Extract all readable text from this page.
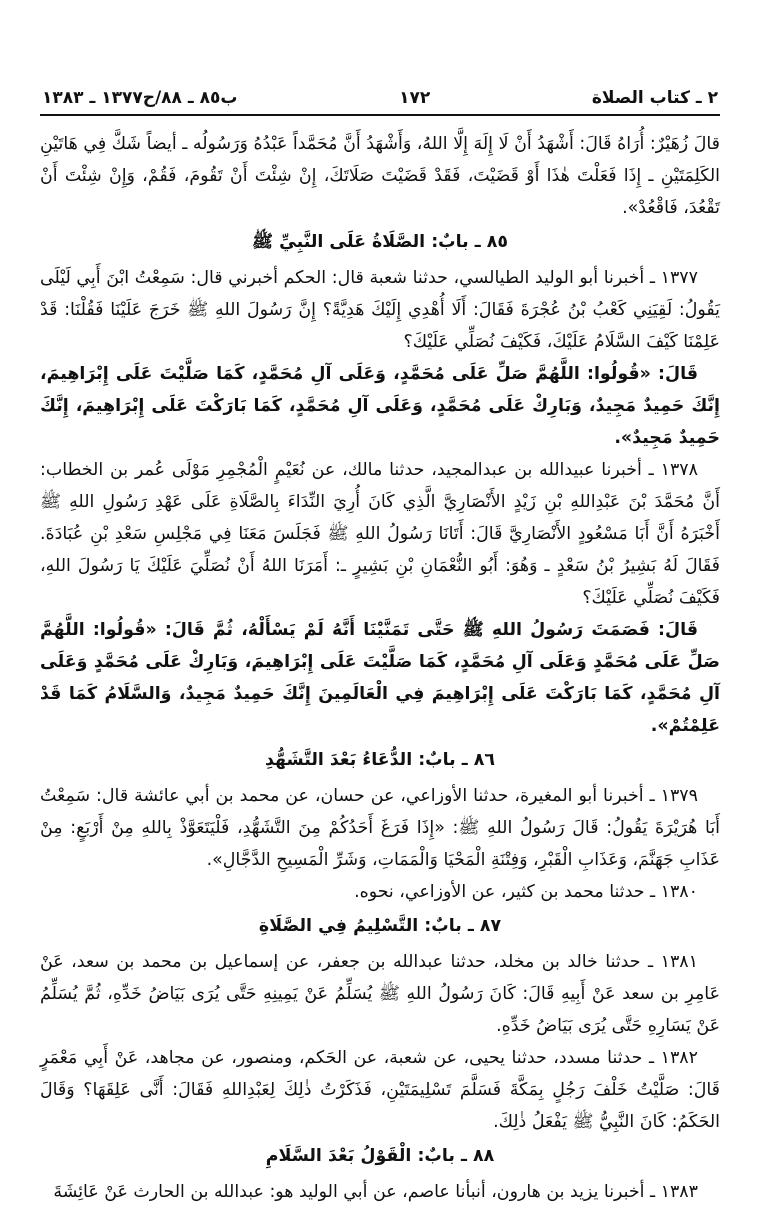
٢ ـ كتاب الصلاة
١٧٢
ب٨٥ ـ ٨٨/ح١٣٧٧ ـ ١٣٨٣

قالَ زُهَيْرٌ: أُرَاهُ قَالَ: أَشْهَدُ أَنْ لَا إِلَهَ إِلَّا اللهُ، وَأَشْهَدُ أَنَّ مُحَمَّداً عَبْدُهُ وَرَسُولُه ـ أيضاً شَكَّ فِي هَاتَيْنِ الكَلِمَتَيْنِ ـ إِذَا فَعَلْتَ هٰذَا أَوْ قَضَيْتَ، فَقَدْ قَضَيْتَ صَلَاتَكَ، إِنْ شِئْتَ أَنْ تَقُومَ، فَقُمْ، وَإِنْ شِئْتَ أَنْ تَقْعُدَ، فَاقْعُدْ».

٨٥ ـ بابٌ: الصَّلَاةُ عَلَى النَّبِيِّ ﷺ

١٣٧٧ ـ أخبرنا أبو الوليد الطيالسي، حدثنا شعبة قال: الحكم أخبرني قال: سَمِعْتُ ابْنَ أَبِي لَيْلَى يَقُولُ: لَقِيَنِي كَعْبُ بْنُ عُجْرَةَ فَقَالَ: أَلَا أُهْدِي إِلَيْكَ هَدِيَّةً؟ إِنَّ رَسُولَ اللهِ ﷺ خَرَجَ عَلَيْنَا فَقُلْنَا: قَدْ عَلِمْنَا كَيْفَ السَّلَامُ عَلَيْكَ، فَكَيْفَ نُصَلِّي عَلَيْكَ؟

قَالَ: «قُولُوا: اللَّهُمَّ صَلِّ عَلَى مُحَمَّدٍ، وَعَلَى آلِ مُحَمَّدٍ، كَمَا صَلَّيْتَ عَلَى إِبْرَاهِيمَ، إِنَّكَ حَمِيدٌ مَجِيدٌ، وَبَارِكْ عَلَى مُحَمَّدٍ، وَعَلَى آلِ مُحَمَّدٍ، كَمَا بَارَكْتَ عَلَى إِبْرَاهِيمَ، إِنَّكَ حَمِيدٌ مَجِيدٌ».

١٣٧٨ ـ أخبرنا عبيدالله بن عبدالمجيد، حدثنا مالك، عن نُعَيْمٍ الْمُجْمِرِ مَوْلَى عُمر بن الخطاب: أَنَّ مُحَمَّدَ بْنَ عَبْدِاللهِ بْنِ زَيْدٍ الأَنْصَارِيَّ الَّذِي كَانَ أُرِيَ النِّدَاءَ بِالصَّلَاةِ عَلَى عَهْدِ رَسُولِ اللهِ ﷺ أَخْبَرَهُ أَنَّ أَبَا مَسْعُودٍ الأَنْصَارِيَّ قَالَ: أَتَانَا رَسُولُ اللهِ ﷺ فَجَلَسَ مَعَنَا فِي مَجْلِسِ سَعْدِ بْنِ عُبَادَةَ. فَقَالَ لَهُ بَشِيرُ بْنُ سَعْدٍ ـ وَهُوَ: أَبُو النُّعْمَانِ بْنِ بَشِيرٍ ـ: أَمَرَنَا اللهُ أَنْ نُصَلِّيَ عَلَيْكَ يَا رَسُولَ اللهِ، فَكَيْفَ نُصَلِّي عَلَيْكَ؟

قَالَ: فَصَمَتَ رَسُولُ اللهِ ﷺ حَتَّى تَمَنَّيْنَا أَنَّهُ لَمْ يَسْأَلْهُ، ثُمَّ قَالَ: «قُولُوا: اللَّهُمَّ صَلِّ عَلَى مُحَمَّدٍ وَعَلَى آلِ مُحَمَّدٍ، كَمَا صَلَّيْتَ عَلَى إِبْرَاهِيمَ، وَبَارِكْ عَلَى مُحَمَّدٍ وَعَلَى آلِ مُحَمَّدٍ، كَمَا بَارَكْتَ عَلَى إِبْرَاهِيمَ فِي الْعَالَمِينَ إِنَّكَ حَمِيدٌ مَجِيدٌ، وَالسَّلَامُ كَمَا قَدْ عَلِمْتُمْ».

٨٦ ـ بابٌ: الدُّعَاءُ بَعْدَ التَّشَهُّدِ

١٣٧٩ ـ أخبرنا أبو المغيرة، حدثنا الأوزاعي، عن حسان، عن محمد بن أبي عائشة قال: سَمِعْتُ أَبَا هُرَيْرَةَ يَقُولُ: قَالَ رَسُولُ اللهِ ﷺ: «إِذَا فَرَغَ أَحَدُكُمْ مِنَ التَّشَهُّدِ، فَلْيَتَعَوَّذْ بِاللهِ مِنْ أَرْبَعٍ: مِنْ عَذَابِ جَهَنَّمَ، وَعَذَابِ الْقَبْرِ، وَفِتْنَةِ الْمَحْيَا وَالْمَمَاتِ، وَشَرِّ الْمَسِيحِ الدَّجَّالِ».

١٣٨٠ ـ حدثنا محمد بن كثير، عن الأوزاعي، نحوه.

٨٧ ـ بابٌ: التَّسْلِيمُ فِي الصَّلَاةِ

١٣٨١ ـ حدثنا خالد بن مخلد، حدثنا عبدالله بن جعفر، عن إسماعيل بن محمد بن سعد، عَنْ عَامِرِ بن سعد عَنْ أَبِيهِ قَالَ: كَانَ رَسُولُ اللهِ ﷺ يُسَلِّمُ عَنْ يَمِينِهِ حَتَّى يُرَى بَيَاضُ خَدِّهِ، ثُمَّ يُسَلِّمُ عَنْ يَسَارِهِ حَتَّى يُرَى بَيَاضُ خَدِّهِ.

١٣٨٢ ـ حدثنا مسدد، حدثنا يحيى، عن شعبة، عن الحَكم، ومنصور، عن مجاهد، عَنْ أَبِي مَعْمَرٍ قَالَ: صَلَّيْتُ خَلْفَ رَجُلٍ بِمَكَّةَ فَسَلَّمَ تَسْلِيمَتَيْنِ، فَذَكَرْتُ ذٰلِكَ لِعَبْدِاللهِ فَقَالَ: أَنَّى عَلِقَهَا؟ وَقَالَ الحَكَمُ: كَانَ النَّبِيُّ ﷺ يَفْعَلُ ذٰلِكَ.

٨٨ ـ بابٌ: الْقَوْلُ بَعْدَ السَّلَامِ

١٣٨٣ ـ أخبرنا يزيد بن هارون، أنبأنا عاصم، عن أبي الوليد هو: عبدالله بن الحارث عَنْ عَائِشَةَ
